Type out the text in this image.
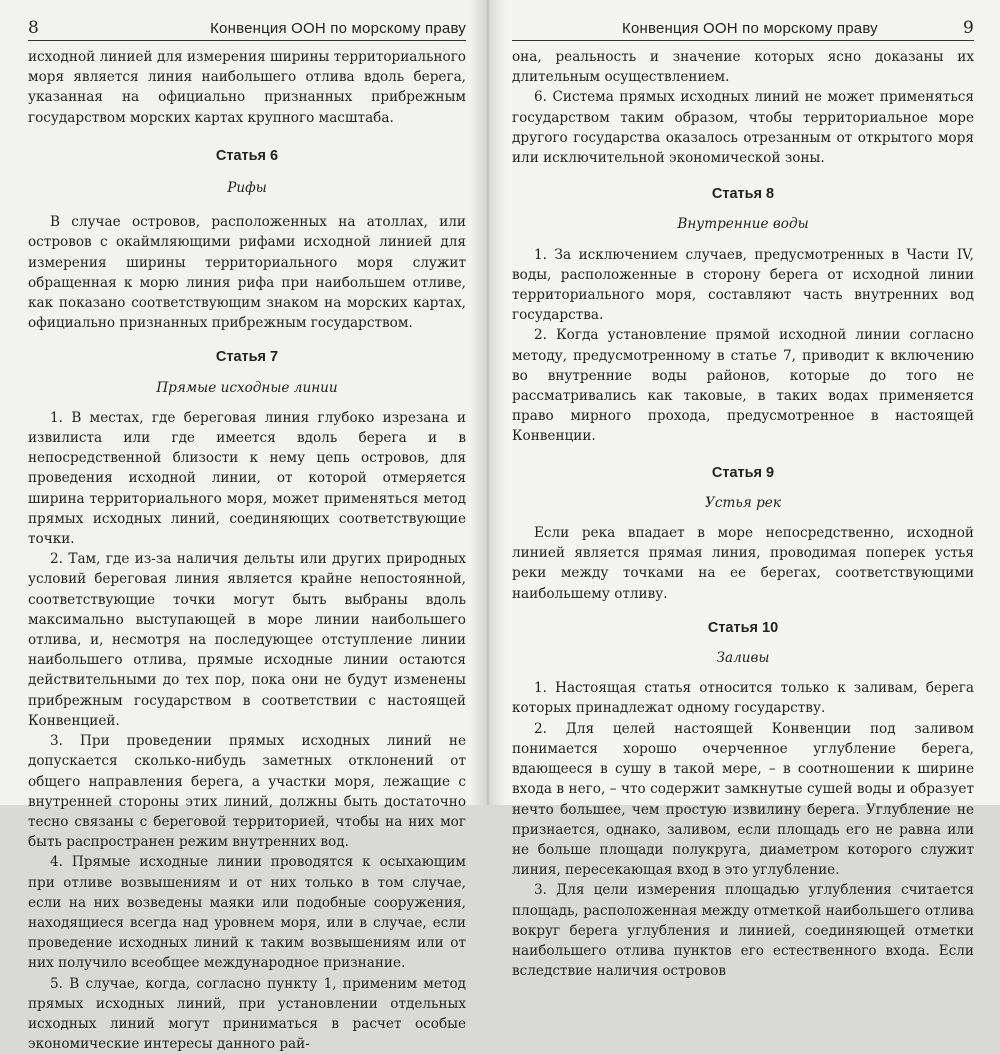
8	Конвенция ООН по морскому праву

исходной линией для измерения ширины территориального моря является линия наибольшего отлива вдоль берега, указанная на официально признанных прибрежным государством морских картах крупного масштаба.

Статья 6

Рифы

В случае островов, расположенных на атоллах, или островов с окаймляющими рифами исходной линией для измерения ширины территориального моря служит обращенная к морю линия рифа при наибольшем отливе, как показано соответствующим знаком на морских картах, официально признанных прибрежным государством.

Статья 7

Прямые исходные линии

1. В местах, где береговая линия глубоко изрезана и извилиста или где имеется вдоль берега и в непосредственной близости к нему цепь островов, для проведения исходной линии, от которой отмеряется ширина территориального моря, может применяться метод прямых исходных линий, соединяющих соответствующие точки.

2. Там, где из-за наличия дельты или других природных условий береговая линия является крайне непостоянной, соответствующие точки могут быть выбраны вдоль максимально выступающей в море линии наибольшего отлива, и, несмотря на последующее отступление линии наибольшего отлива, прямые исходные линии остаются действительными до тех пор, пока они не будут изменены прибрежным государством в соответствии с настоящей Конвенцией.

3. При проведении прямых исходных линий не допускается сколько-нибудь заметных отклонений от общего направления берега, а участки моря, лежащие с внутренней стороны этих линий, должны быть достаточно тесно связаны с береговой территорией, чтобы на них мог быть распространен режим внутренних вод.

4. Прямые исходные линии проводятся к осыхающим при отливе возвышениям и от них только в том случае, если на них возведены маяки или подобные сооружения, находящиеся всегда над уровнем моря, или в случае, если проведение исходных линий к таким возвышениям или от них получило всеобщее международное признание.

5. В случае, когда, согласно пункту 1, применим метод прямых исходных линий, при установлении отдельных исходных линий могут приниматься в расчет особые экономические интересы данного рай-

Конвенция ООН по морскому праву	9

она, реальность и значение которых ясно доказаны их длительным осуществлением.

6. Система прямых исходных линий не может применяться государством таким образом, чтобы территориальное море другого государства оказалось отрезанным от открытого моря или исключительной экономической зоны.

Статья 8

Внутренние воды

1. За исключением случаев, предусмотренных в Части IV, воды, расположенные в сторону берега от исходной линии территориального моря, составляют часть внутренних вод государства.

2. Когда установление прямой исходной линии согласно методу, предусмотренному в статье 7, приводит к включению во внутренние воды районов, которые до того не рассматривались как таковые, в таких водах применяется право мирного прохода, предусмотренное в настоящей Конвенции.

Статья 9

Устья рек

Если река впадает в море непосредственно, исходной линией является прямая линия, проводимая поперек устья реки между точками на ее берегах, соответствующими наибольшему отливу.

Статья 10

Заливы

1. Настоящая статья относится только к заливам, берега которых принадлежат одному государству.

2. Для целей настоящей Конвенции под заливом понимается хорошо очерченное углубление берега, вдающееся в сушу в такой мере, – в соотношении к ширине входа в него, – что содержит замкнутые сушей воды и образует нечто большее, чем простую извилину берега. Углубление не признается, однако, заливом, если площадь его не равна или не больше площади полукруга, диаметром которого служит линия, пересекающая вход в это углубление.

3. Для цели измерения площадью углубления считается площадь, расположенная между отметкой наибольшего отлива вокруг берега углубления и линией, соединяющей отметки наибольшего отлива пунктов его естественного входа. Если вследствие наличия островов
